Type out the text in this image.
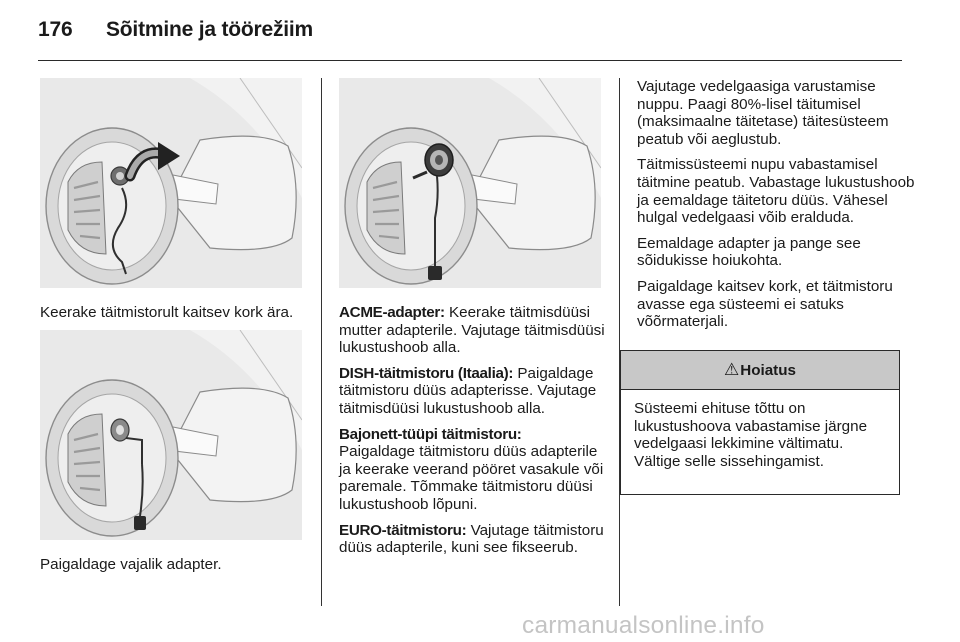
176 Sõitmine ja töörežiim
Keerake täitmistorult kaitsev kork ära.
Paigaldage vajalik adapter.

ACME-adapter: Keerake täitmisdüüsi mutter adapterile. Vajutage täitmisdüüsi lukustushoob alla.

DISH-täitmistoru (Itaalia): Paigaldage täitmistoru düüs adapterisse. Vajutage täitmisdüüsi lukustushoob alla.

Bajonett-tüüpi täitmistoru:
Paigaldage täitmistoru düüs adapterile ja keerake veerand pööret vasakule või paremale. Tõmmake täitmistoru düüsi lukustushoob lõpuni.

EURO-täitmistoru: Vajutage täitmistoru düüs adapterile, kuni see fikseerub.

Vajutage vedelgaasiga varustamise nuppu. Paagi 80%-lisel täitumisel (maksimaalne täitetase) täitesüsteem peatub või aeglustub.

Täitmissüsteemi nupu vabastamisel täitmine peatub. Vabastage lukustushoob ja eemaldage täitetoru düüs. Vähesel hulgal vedelgaasi võib eralduda.

Eemaldage adapter ja pange see sõidukisse hoiukohta.

Paigaldage kaitsev kork, et täitmistoru avasse ega süsteemi ei satuks võõrmaterjali.

⚠ Hoiatus
Süsteemi ehituse tõttu on lukustushoova vabastamise järgne vedelgaasi lekkimine vältimatu. Vältige selle sissehingamist.
carmanualsonline.info
